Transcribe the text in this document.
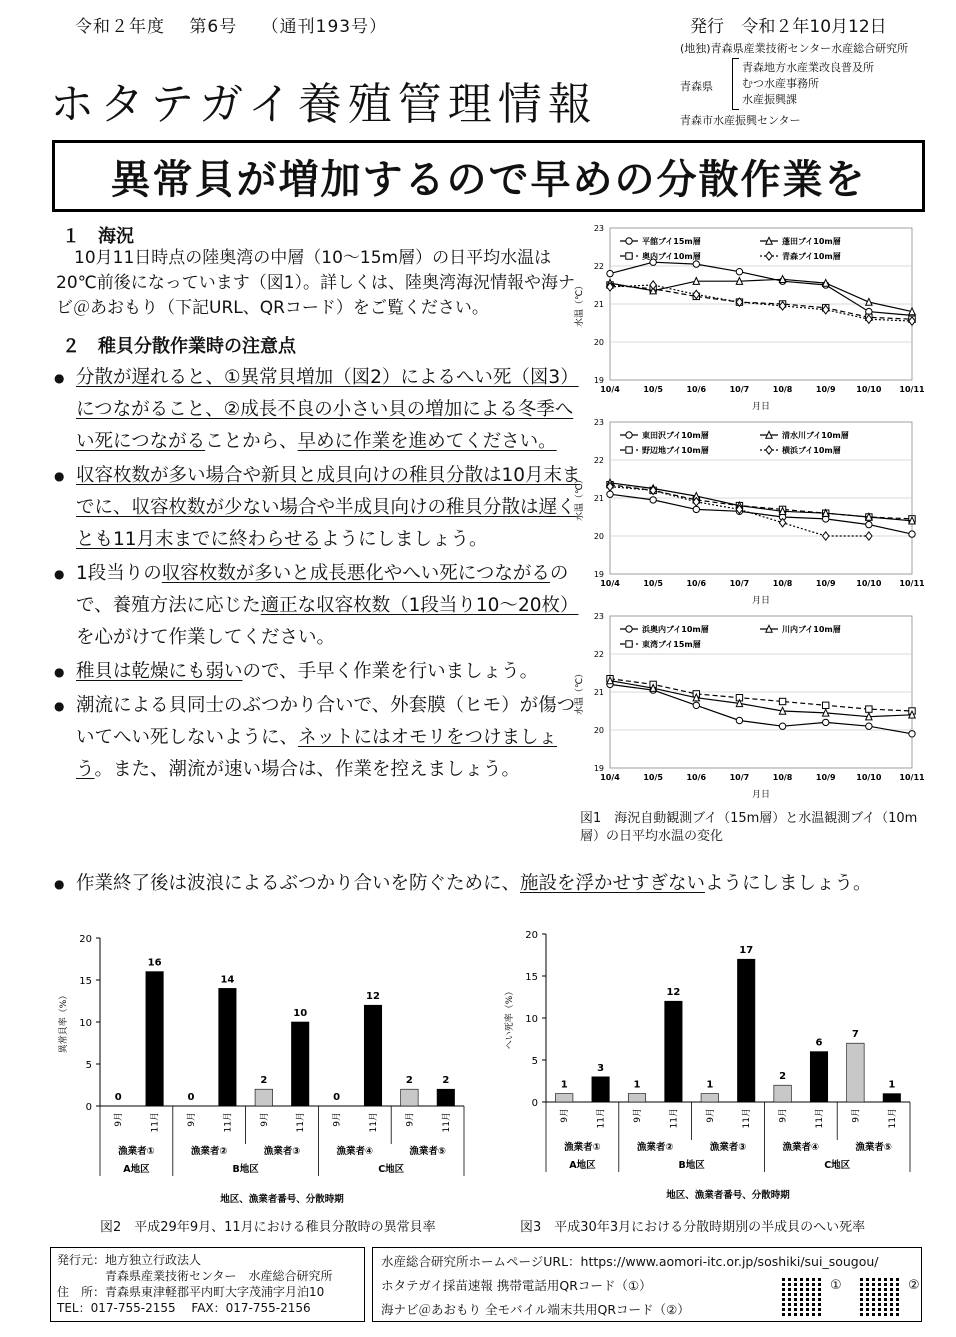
令和２年度 第6号 （通刊193号）	発行 令和２年10月12日
(地独)青森県産業技術センター水産総合研究所
ホタテガイ養殖管理情報	青森県
青森地方水産業改良普及所
むつ水産事務所
水産振興課
青森市水産振興センター
異常貝が増加するので早めの分散作業を
１　海況
10月11日時点の陸奥湾の中層（10～15m層）の日平均水温は20℃前後になっています（図1）。詳しくは、陸奥湾海況情報や海ナビ＠あおもり（下記URL、QRコード）をご覧ください。
２　稚貝分散作業時の注意点
● 分散が遅れると、①異常貝増加（図2）によるへい死（図3）につながること、②成長不良の小さい貝の増加による冬季へい死につながることから、早めに作業を進めてください。
● 収容枚数が多い場合や新貝と成貝向けの稚貝分散は10月末までに、収容枚数が少ない場合や半成貝向けの稚貝分散は遅くとも11月末までに終わらせるようにしましょう。
● 1段当りの収容枚数が多いと成長悪化やへい死につながるので、養殖方法に応じた適正な収容枚数（1段当り10～20枚）を心がけて作業してください。
● 稚貝は乾燥にも弱いので、手早く作業を行いましょう。
● 潮流による貝同士のぶつかり合いで、外套膜（ヒモ）が傷ついてへい死しないように、ネットにはオモリをつけましょう。また、潮流が速い場合は、作業を控えましょう。
● 作業終了後は波浪によるぶつかり合いを防ぐために、施設を浮かせすぎないようにしましょう。
19
20
21
22
23
10/4	10/5	10/6	10/7	10/8	10/9	10/10 10/11
月日
水温（℃）
平舘ブイ15m層
奥内ブイ10m層
蓬田ブイ10m層
青森ブイ10m層
19
20
21
22
23
10/4	10/5	10/6	10/7	10/8	10/9	10/10 10/11
月日
水温（℃）
東田沢ブイ10m層
野辺地ブイ10m層
清水川ブイ10m層
横浜ブイ10m層
19
20
21
22
23
10/4	10/5	10/6	10/7	10/8	10/9	10/10 10/11
月日
水温（℃）
浜奥内ブイ10m層
東湾ブイ15m層
川内ブイ10m層
図1　海況自動観測ブイ（15m層）と水温観測ブイ（10m層）の日平均水温の変化
0
5
10
15
20
異常貝率（%）
0
9月
16
11月
0
9月
14
11月
2
9月
10
11月
0
9月
12
11月
2
9月
2
11月
漁業者①	漁業者②	漁業者③	漁業者④	漁業者⑤
A地区	B地区	C地区
地区、漁業者番号、分散時期
0
5
10
15
20
へい死率（%）
1
9月
3
11月
1
9月
12
11月
1
9月
17
11月
2
9月
6
11月
7
9月
1
11月
漁業者①	漁業者②	漁業者③	漁業者④	漁業者⑤
A地区	B地区	C地区
地区、漁業者番号、分散時期
図2　平成29年9月、11月における稚貝分散時の異常貝率	図3　平成30年3月における分散時期別の半成貝のへい死率
発行元：地方独立行政法人
　　　　青森県産業技術センター　水産総合研究所
住　所：青森県東津軽郡平内町大字茂浦字月泊10
TEL：017-755-2155　 FAX：017-755-2156
水産総合研究所ホームページURL：https://www.aomori-itc.or.jp/soshiki/sui_sougou/
ホタテガイ採苗速報 携帯電話用QRコード（①）
海ナビ＠あおもり 全モバイル端末共用QRコード（②）
①	②
